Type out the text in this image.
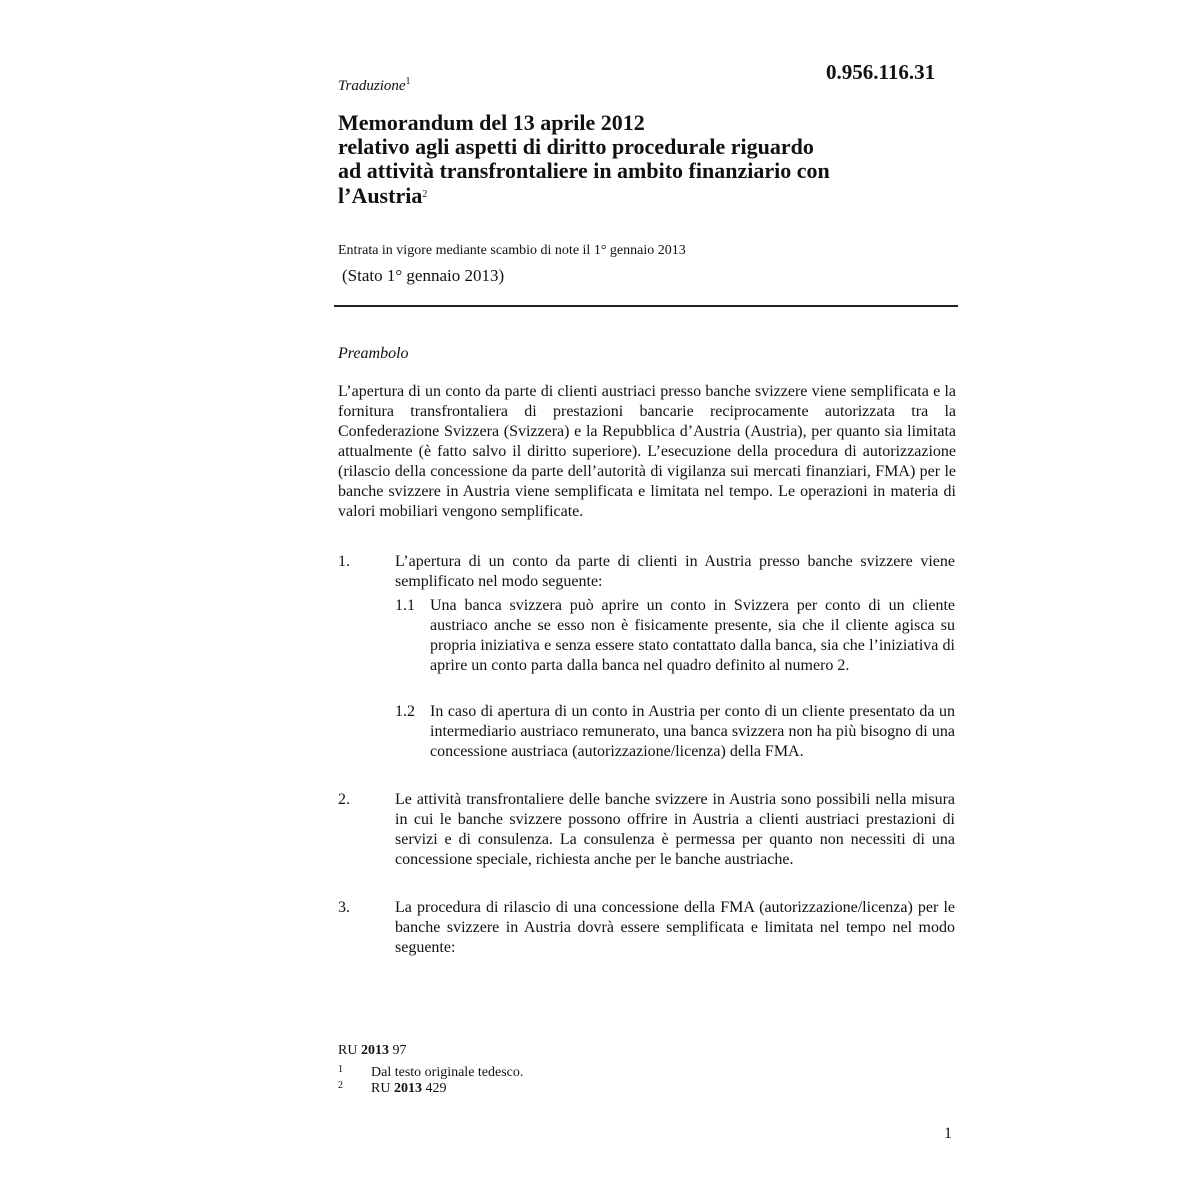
Traduzione$^1$	0.956.116.31
Memorandum del 13 aprile 2012
relativo agli aspetti di diritto procedurale riguardo
ad attività transfrontaliere in ambito finanziario con
l’Austria$^2$
Entrata in vigore mediante scambio di note il 1° gennaio 2013
(Stato 1° gennaio 2013)
Preambolo
L’apertura di un conto da parte di clienti austriaci presso banche svizzere viene semplificata e la fornitura transfrontaliera di prestazioni bancarie reciprocamente autorizzata tra la Confederazione Svizzera (Svizzera) e la Repubblica d’Austria (Austria), per quanto sia limitata attualmente (è fatto salvo il diritto superiore). L’esecuzione della procedura di autorizzazione (rilascio della concessione da parte dell’autorità di vigilanza sui mercati finanziari, FMA) per le banche svizzere in Austria viene semplificata e limitata nel tempo. Le operazioni in materia di valori mobiliari vengono semplificate.
1.	L’apertura di un conto da parte di clienti in Austria presso banche svizzere viene semplificato nel modo seguente:
1.1 Una banca svizzera può aprire un conto in Svizzera per conto di un cliente austriaco anche se esso non è fisicamente presente, sia che il cliente agisca su propria iniziativa e senza essere stato contattato dalla banca, sia che l’iniziativa di aprire un conto parta dalla banca nel quadro definito al numero 2.
1.2 In caso di apertura di un conto in Austria per conto di un cliente presentato da un intermediario austriaco remunerato, una banca svizzera non ha più bisogno di una concessione austriaca (autorizzazione/licenza) della FMA.
2.	Le attività transfrontaliere delle banche svizzere in Austria sono possibili nella misura in cui le banche svizzere possono offrire in Austria a clienti austriaci prestazioni di servizi e di consulenza. La consulenza è permessa per quanto non necessiti di una concessione speciale, richiesta anche per le banche austriache.
3.	La procedura di rilascio di una concessione della FMA (autorizzazione/licenza) per le banche svizzere in Austria dovrà essere semplificata e limitata nel tempo nel modo seguente:
RU 2013 97
1 Dal testo originale tedesco.
2 RU 2013 429
1
